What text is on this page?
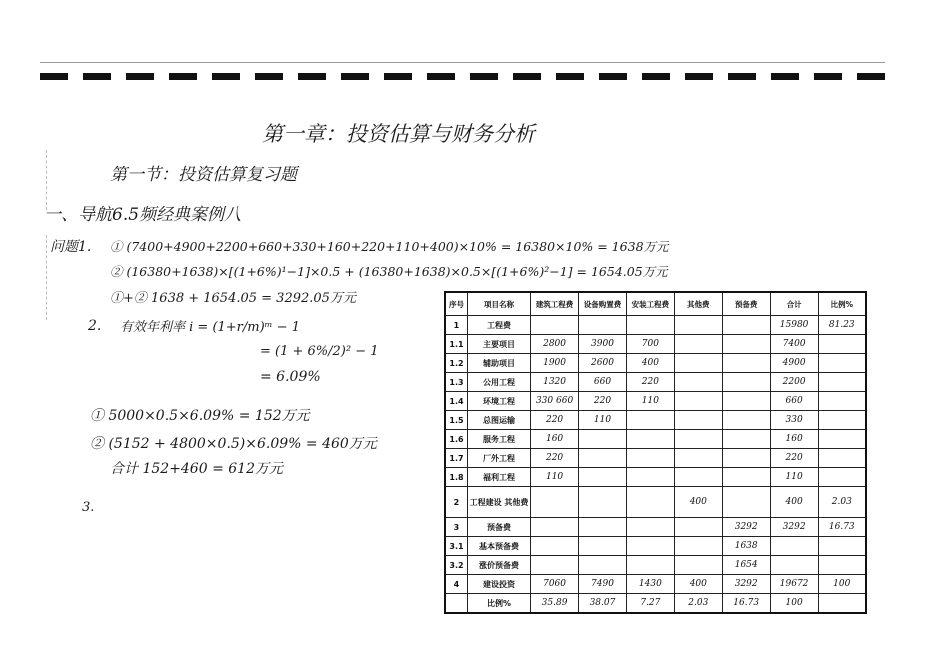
第一章：投资估算与财务分析
第一节：投资估算复习题
一、导航6.5频经典案例八
问题1. ① (7400+4900+2200+660+330+160+220+110+400)×10% = 16380×10% = 1638万元
② (16380+1638)×[(1+6%)¹−1]×0.5 + (16380+1638)×0.5×[(1+6%)²−1] = 1654.05万元
①+② 1638 + 1654.05 = 3292.05万元
2. 有效年利率 i = (1+r/m)ᵐ − 1
= (1 + 6%/2)² − 1
= 6.09%
① 5000×0.5×6.09% = 152万元
② (5152 + 4800×0.5)×6.09% = 460万元
合计 152+460 = 612万元
3.
序号	项目名称	建筑工程费	设备购置费	安装工程费	其他费	预备费	合计	比例%
1	工程费						15980	81.23
1.1	主要项目	2800	3900	700			7400	
1.2	辅助项目	1900	2600	400			4900	
1.3	公用工程	1320	660	220			2200	
1.4	环境工程	330 660	220	110			660	
1.5	总图运输	220	110				330	
1.6	服务工程	160					160	
1.7	厂外工程	220					220	
1.8	福利工程	110					110	
2	工程建设 其他费				400		400	2.03
3	预备费					3292	3292	16.73
3.1	基本预备费					1638		
3.2	涨价预备费					1654		
4	建设投资	7060	7490	1430	400	3292	19672	100
	比例%	35.89	38.07	7.27	2.03	16.73	100	
